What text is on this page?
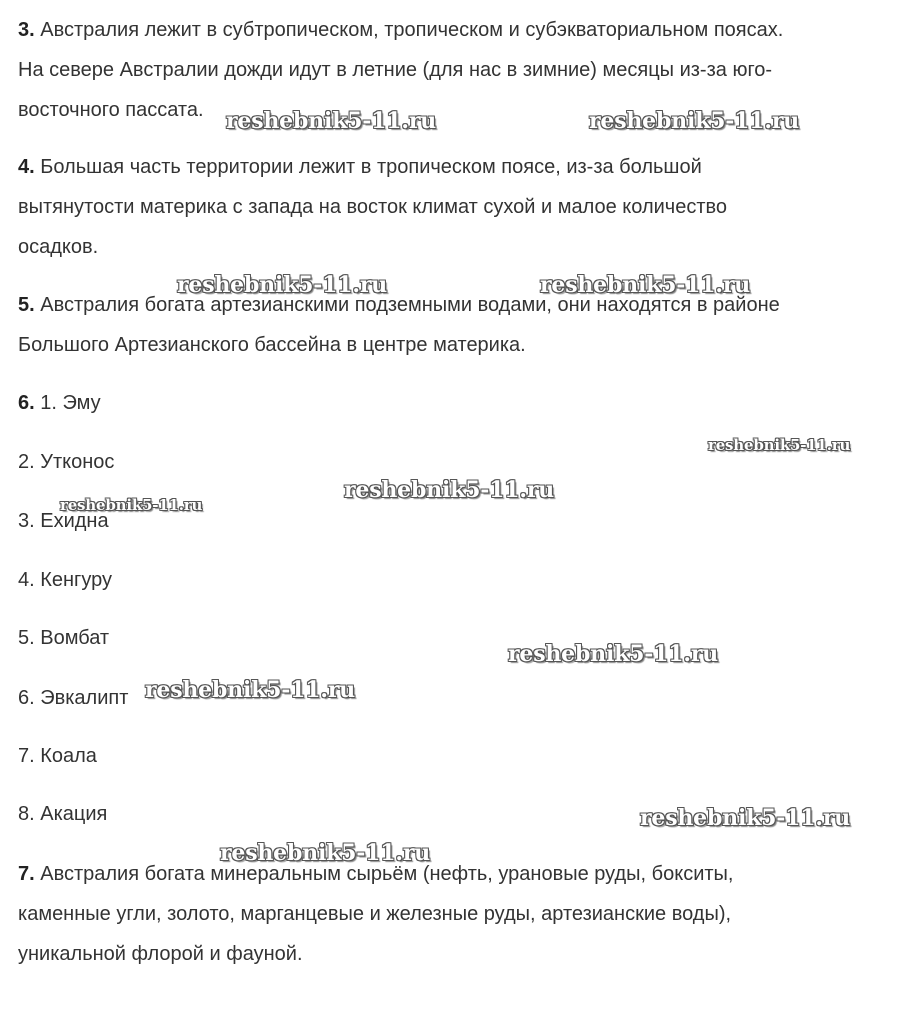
3. Австралия лежит в субтропическом, тропическом и субэкваториальном поясах.
На севере Австралии дожди идут в летние (для нас в зимние) месяцы из-за юго-
восточного пассата.

4. Большая часть территории лежит в тропическом поясе, из-за большой
вытянутости материка с запада на восток климат сухой и малое количество
осадков.

5. Австралия богата артезианскими подземными водами, они находятся в районе
Большого Артезианского бассейна в центре материка.

6. 1. Эму

2. Утконос

3. Ехидна

4. Кенгуру

5. Вомбат

6. Эвкалипт

7. Коала

8. Акация

7. Австралия богата минеральным сырьём (нефть, урановые руды, бокситы,
каменные угли, золото, марганцевые и железные руды, артезианские воды),
уникальной флорой и фауной.

reshebnik5-11.ru	reshebnik5-11.ru
reshebnik5-11.ru	reshebnik5-11.ru
reshebnik5-11.ru
reshebnik5-11.ru
reshebnik5-11.ru
reshebnik5-11.ru
reshebnik5-11.ru
reshebnik5-11.ru
reshebnik5-11.ru
